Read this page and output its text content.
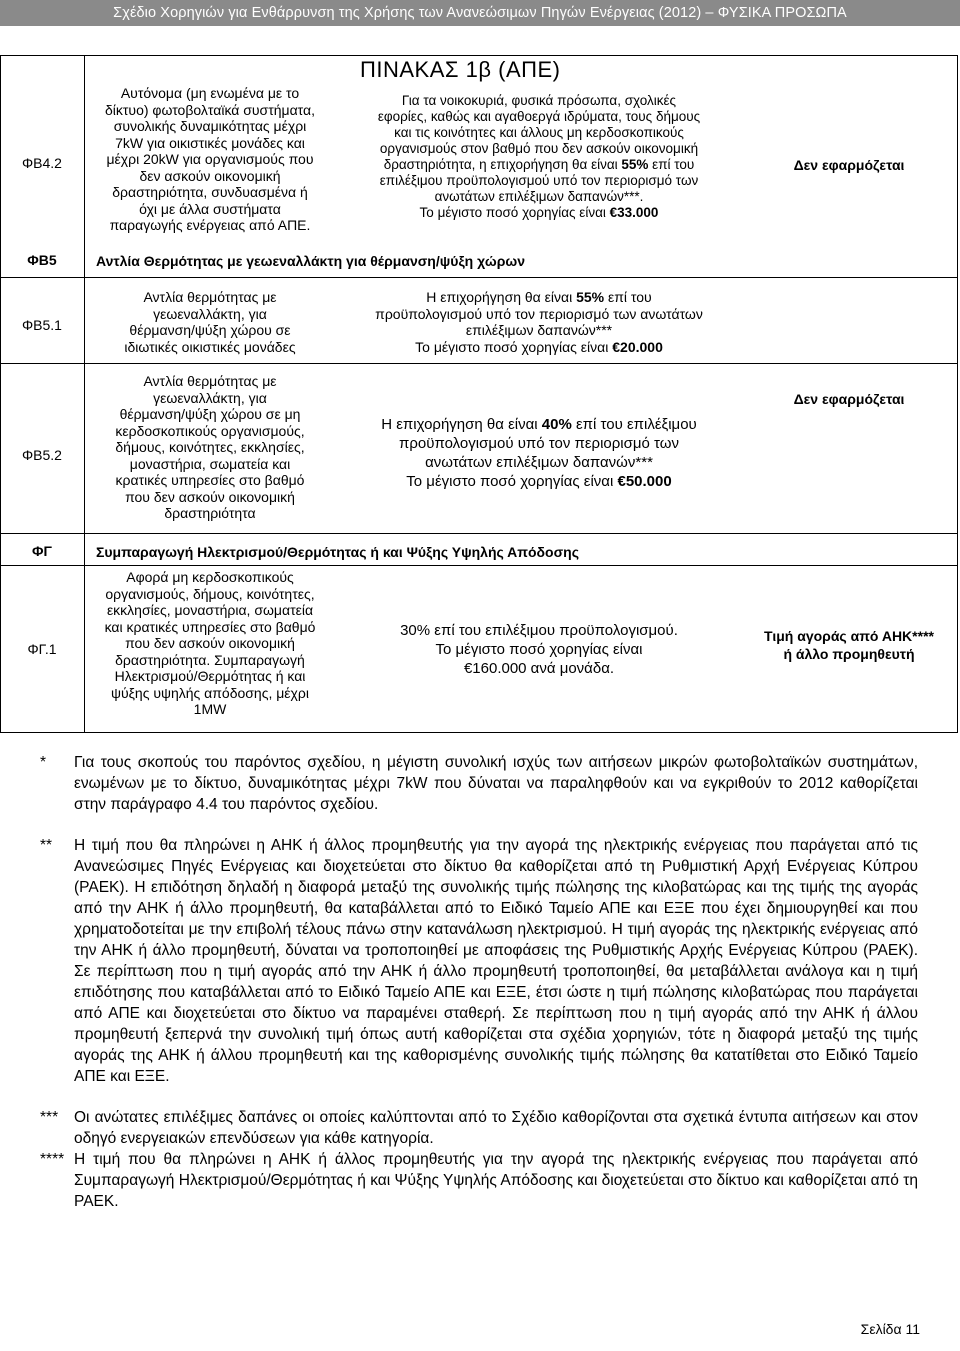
Σχέδιο Χορηγιών για Ενθάρρυνση της Χρήσης των Ανανεώσιμων Πηγών Ενέργειας (2012) – ΦΥΣΙΚΑ ΠΡΟΣΩΠΑ
ΠΙΝΑΚΑΣ 1β (ΑΠΕ)
ΦΒ4.2
Αυτόνομα (μη ενωμένα με το
δίκτυο) φωτοβολταϊκά συστήματα,
συνολικής δυναμικότητας μέχρι
7kW για οικιστικές μονάδες και
μέχρι 20kW για οργανισμούς που
δεν ασκούν οικονομική
δραστηριότητα, συνδυασμένα ή
όχι με άλλα συστήματα
παραγωγής ενέργειας από ΑΠΕ.
Για τα νοικοκυριά, φυσικά πρόσωπα, σχολικές
εφορίες, καθώς και αγαθοεργά ιδρύματα, τους δήμους
και τις κοινότητες και άλλους μη κερδοσκοπικούς
οργανισμούς στον βαθμό που δεν ασκούν οικονομική
δραστηριότητα, η επιχορήγηση θα είναι 55% επί του
επιλέξιμου προϋπολογισμού υπό τον περιορισμό των
ανωτάτων επιλέξιμων δαπανών***.
Το μέγιστο ποσό χορηγίας είναι €33.000
Δεν εφαρμόζεται
ΦΒ5	Αντλία Θερμότητας με γεωεναλλάκτη για θέρμανση/ψύξη χώρων
ΦΒ5.1
Αντλία θερμότητας με
γεωεναλλάκτη, για
θέρμανση/ψύξη χώρου σε
ιδιωτικές οικιστικές μονάδες
Η επιχορήγηση θα είναι 55% επί του
προϋπολογισμού υπό τον περιορισμό των ανωτάτων
επιλέξιμων δαπανών***
Το μέγιστο ποσό χορηγίας είναι €20.000
ΦΒ5.2
Αντλία θερμότητας με
γεωεναλλάκτη, για
θέρμανση/ψύξη χώρου σε μη
κερδοσκοπικούς οργανισμούς,
δήμους, κοινότητες, εκκλησίες,
μοναστήρια, σωματεία και
κρατικές υπηρεσίες στο βαθμό
που δεν ασκούν οικονομική
δραστηριότητα
Η επιχορήγηση θα είναι 40% επί του επιλέξιμου
προϋπολογισμού υπό τον περιορισμό των
ανωτάτων επιλέξιμων δαπανών***
Το μέγιστο ποσό χορηγίας είναι €50.000
Δεν εφαρμόζεται
ΦΓ	Συμπαραγωγή Ηλεκτρισμού/Θερμότητας ή και Ψύξης Υψηλής Απόδοσης
ΦΓ.1
Αφορά μη κερδοσκοπικούς
οργανισμούς, δήμους, κοινότητες,
εκκλησίες, μοναστήρια, σωματεία
και κρατικές υπηρεσίες στο βαθμό
που δεν ασκούν οικονομική
δραστηριότητα. Συμπαραγωγή
Ηλεκτρισμού/Θερμότητας ή και
ψύξης υψηλής απόδοσης, μέχρι
1MW
30% επί του επιλέξιμου προϋπολογισμού.
Το μέγιστο ποσό χορηγίας είναι
€160.000 ανά μονάδα.
Τιμή αγοράς από ΑΗΚ****
ή άλλο προμηθευτή
* Για τους σκοπούς του παρόντος σχεδίου, η μέγιστη συνολική ισχύς των αιτήσεων μικρών φωτοβολταϊκών συστημάτων, ενωμένων με το δίκτυο, δυναμικότητας μέχρι 7kW που δύναται να παραληφθούν και να εγκριθούν το 2012 καθορίζεται στην παράγραφο 4.4 του παρόντος σχεδίου.
** Η τιμή που θα πληρώνει η ΑΗΚ ή άλλος προμηθευτής για την αγορά της ηλεκτρικής ενέργειας που παράγεται από τις Ανανεώσιμες Πηγές Ενέργειας και διοχετεύεται στο δίκτυο θα καθορίζεται από τη Ρυθμιστική Αρχή Ενέργειας Κύπρου (ΡΑΕΚ). Η επιδότηση δηλαδή η διαφορά μεταξύ της συνολικής τιμής πώλησης της κιλοβατώρας και της τιμής της αγοράς από την ΑΗΚ ή άλλο προμηθευτή, θα καταβάλλεται από το Ειδικό Ταμείο ΑΠΕ και ΕΞΕ που έχει δημιουργηθεί και που χρηματοδοτείται με την επιβολή τέλους πάνω στην κατανάλωση ηλεκτρισμού. Η τιμή αγοράς της ηλεκτρικής ενέργειας από την ΑΗΚ ή άλλο προμηθευτή, δύναται να τροποποιηθεί με αποφάσεις της Ρυθμιστικής Αρχής Ενέργειας Κύπρου (ΡΑΕΚ). Σε περίπτωση που η τιμή αγοράς από την ΑΗΚ ή άλλο προμηθευτή τροποποιηθεί, θα μεταβάλλεται ανάλογα και η τιμή επιδότησης που καταβάλλεται από το Ειδικό Ταμείο ΑΠΕ και ΕΞΕ, έτσι ώστε η τιμή πώλησης κιλοβατώρας που παράγεται από ΑΠΕ και διοχετεύεται στο δίκτυο να παραμένει σταθερή. Σε περίπτωση που η τιμή αγοράς από την ΑΗΚ ή άλλου προμηθευτή ξεπερνά την συνολική τιμή όπως αυτή καθορίζεται στα σχέδια χορηγιών, τότε η διαφορά μεταξύ της τιμής αγοράς της ΑΗΚ ή άλλου προμηθευτή και της καθορισμένης συνολικής τιμής πώλησης θα κατατίθεται στο Ειδικό Ταμείο ΑΠΕ και ΕΞΕ.
*** Οι ανώτατες επιλέξιμες δαπάνες οι οποίες καλύπτονται από το Σχέδιο καθορίζονται στα σχετικά έντυπα αιτήσεων και στον οδηγό ενεργειακών επενδύσεων για κάθε κατηγορία.
**** Η τιμή που θα πληρώνει η ΑΗΚ ή άλλος προμηθευτής για την αγορά της ηλεκτρικής ενέργειας που παράγεται από Συμπαραγωγή Ηλεκτρισμού/Θερμότητας ή και Ψύξης Υψηλής Απόδοσης και διοχετεύεται στο δίκτυο και καθορίζεται από τη ΡΑΕΚ.
Σελίδα 11
